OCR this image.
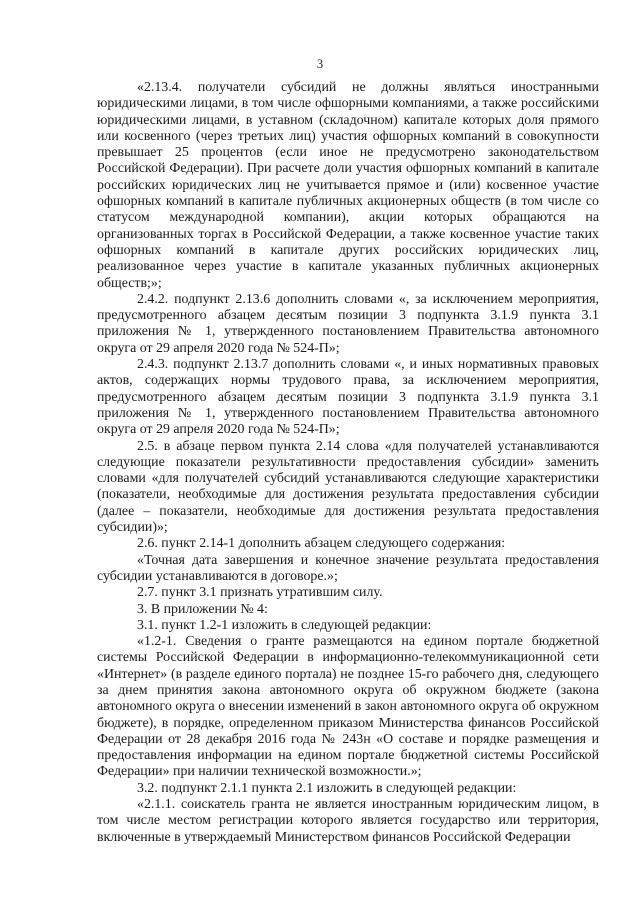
3

«2.13.4. получатели субсидий не должны являться иностранными юридическими лицами, в том числе офшорными компаниями, а также российскими юридическими лицами, в уставном (складочном) капитале которых доля прямого или косвенного (через третьих лиц) участия офшорных компаний в совокупности превышает 25 процентов (если иное не предусмотрено законодательством Российской Федерации). При расчете доли участия офшорных компаний в капитале российских юридических лиц не учитывается прямое и (или) косвенное участие офшорных компаний в капитале публичных акционерных обществ (в том числе со статусом международной компании), акции которых обращаются на организованных торгах в Российской Федерации, а также косвенное участие таких офшорных компаний в капитале других российских юридических лиц, реализованное через участие в капитале указанных публичных акционерных обществ;»;

2.4.2. подпункт 2.13.6 дополнить словами «, за исключением мероприятия, предусмотренного абзацем десятым позиции 3 подпункта 3.1.9 пункта 3.1 приложения № 1, утвержденного постановлением Правительства автономного округа от 29 апреля 2020 года № 524-П»;

2.4.3. подпункт 2.13.7 дополнить словами «, и иных нормативных правовых актов, содержащих нормы трудового права, за исключением мероприятия, предусмотренного абзацем десятым позиции 3 подпункта 3.1.9 пункта 3.1 приложения № 1, утвержденного постановлением Правительства автономного округа от 29 апреля 2020 года № 524-П»;

2.5. в абзаце первом пункта 2.14 слова «для получателей устанавливаются следующие показатели результативности предоставления субсидии» заменить словами «для получателей субсидий устанавливаются следующие характеристики (показатели, необходимые для достижения результата предоставления субсидии (далее – показатели, необходимые для достижения результата предоставления субсидии)»;

2.6. пункт 2.14-1 дополнить абзацем следующего содержания:

«Точная дата завершения и конечное значение результата предоставления субсидии устанавливаются в договоре.»;

2.7. пункт 3.1 признать утратившим силу.

3. В приложении № 4:

3.1. пункт 1.2-1 изложить в следующей редакции:

«1.2-1. Сведения о гранте размещаются на едином портале бюджетной системы Российской Федерации в информационно-телекоммуникационной сети «Интернет» (в разделе единого портала) не позднее 15-го рабочего дня, следующего за днем принятия закона автономного округа об окружном бюджете (закона автономного округа о внесении изменений в закон автономного округа об окружном бюджете), в порядке, определенном приказом Министерства финансов Российской Федерации от 28 декабря 2016 года № 243н «О составе и порядке размещения и предоставления информации на едином портале бюджетной системы Российской Федерации» при наличии технической возможности.»;

3.2. подпункт 2.1.1 пункта 2.1 изложить в следующей редакции:

«2.1.1. соискатель гранта не является иностранным юридическим лицом, в том числе местом регистрации которого является государство или территория, включенные в утверждаемый Министерством финансов Российской Федерации
